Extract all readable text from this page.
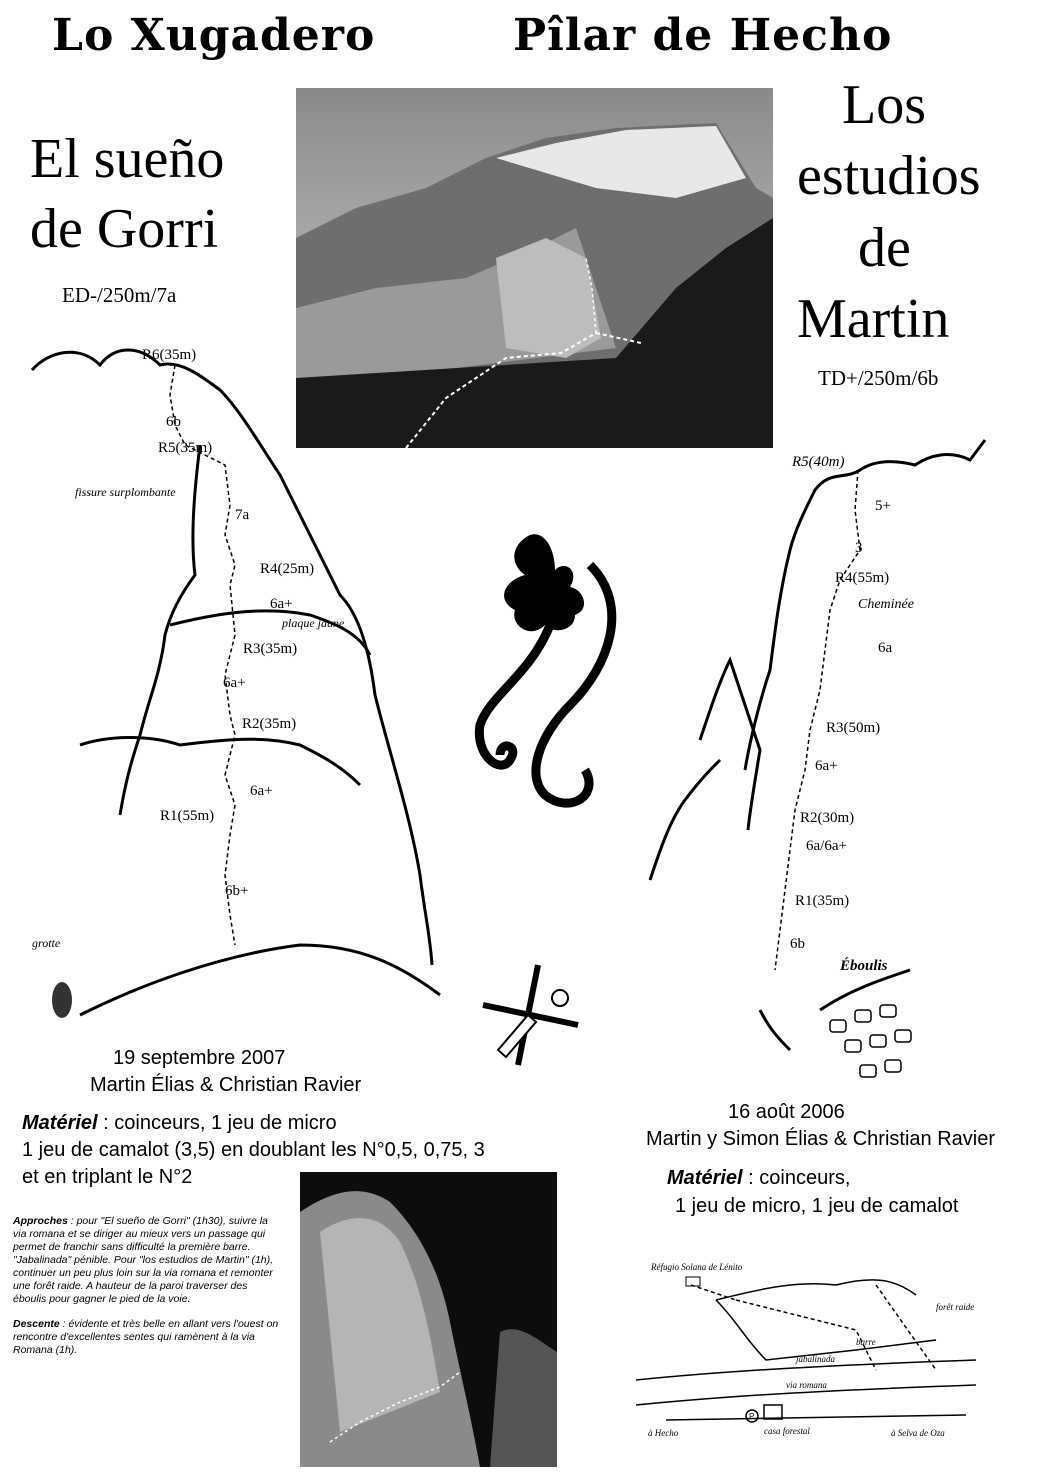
Lo Xugadero	Pîlar de Hecho
El sueño
de Gorri
ED-/250m/7a
Los
estudios
de
Martin
TD+/250m/6b
R6(35m)
6b
R5(35m)
fissure surplombante
7a
R4(25m)
6a+
plaque jaune
R3(35m)
6a+
R2(35m)
6a+
R1(55m)
6b+
grotte
R5(40m)
5+
3
R4(55m)
Cheminée
6a
R3(50m)
6a+
R2(30m)
6a/6a+
R1(35m)
6b
Éboulis
19 septembre 2007
Martin Élias & Christian Ravier
Matériel : coinceurs, 1 jeu de micro
1 jeu de camalot (3,5) en doublant les N°0,5, 0,75, 3
et en triplant le N°2
16 août 2006
Martin y Simon Élias & Christian Ravier
Matériel : coinceurs,
1 jeu de micro, 1 jeu de camalot
Approches : pour "El sueño de Gorri" (1h30), suivre la via romana et se diriger au mieux vers un passage qui permet de franchir sans difficulté la première barre. "Jabalinada" pénible. Pour "los estudios de Martin" (1h), continuer un peu plus loin sur la via romana et remonter une forêt raide. A hauteur de la paroi traverser des éboulis pour gagner le pied de la voie.
Descente : évidente et très belle en allant vers l'ouest on rencontre d'excellentes sentes qui ramènent à la via Romana (1h).
Réfugio Solana de Lénito
forêt raide
barre
jabalinada
via romana
à Hecho	casa forestal	à Selva de Oza
P
